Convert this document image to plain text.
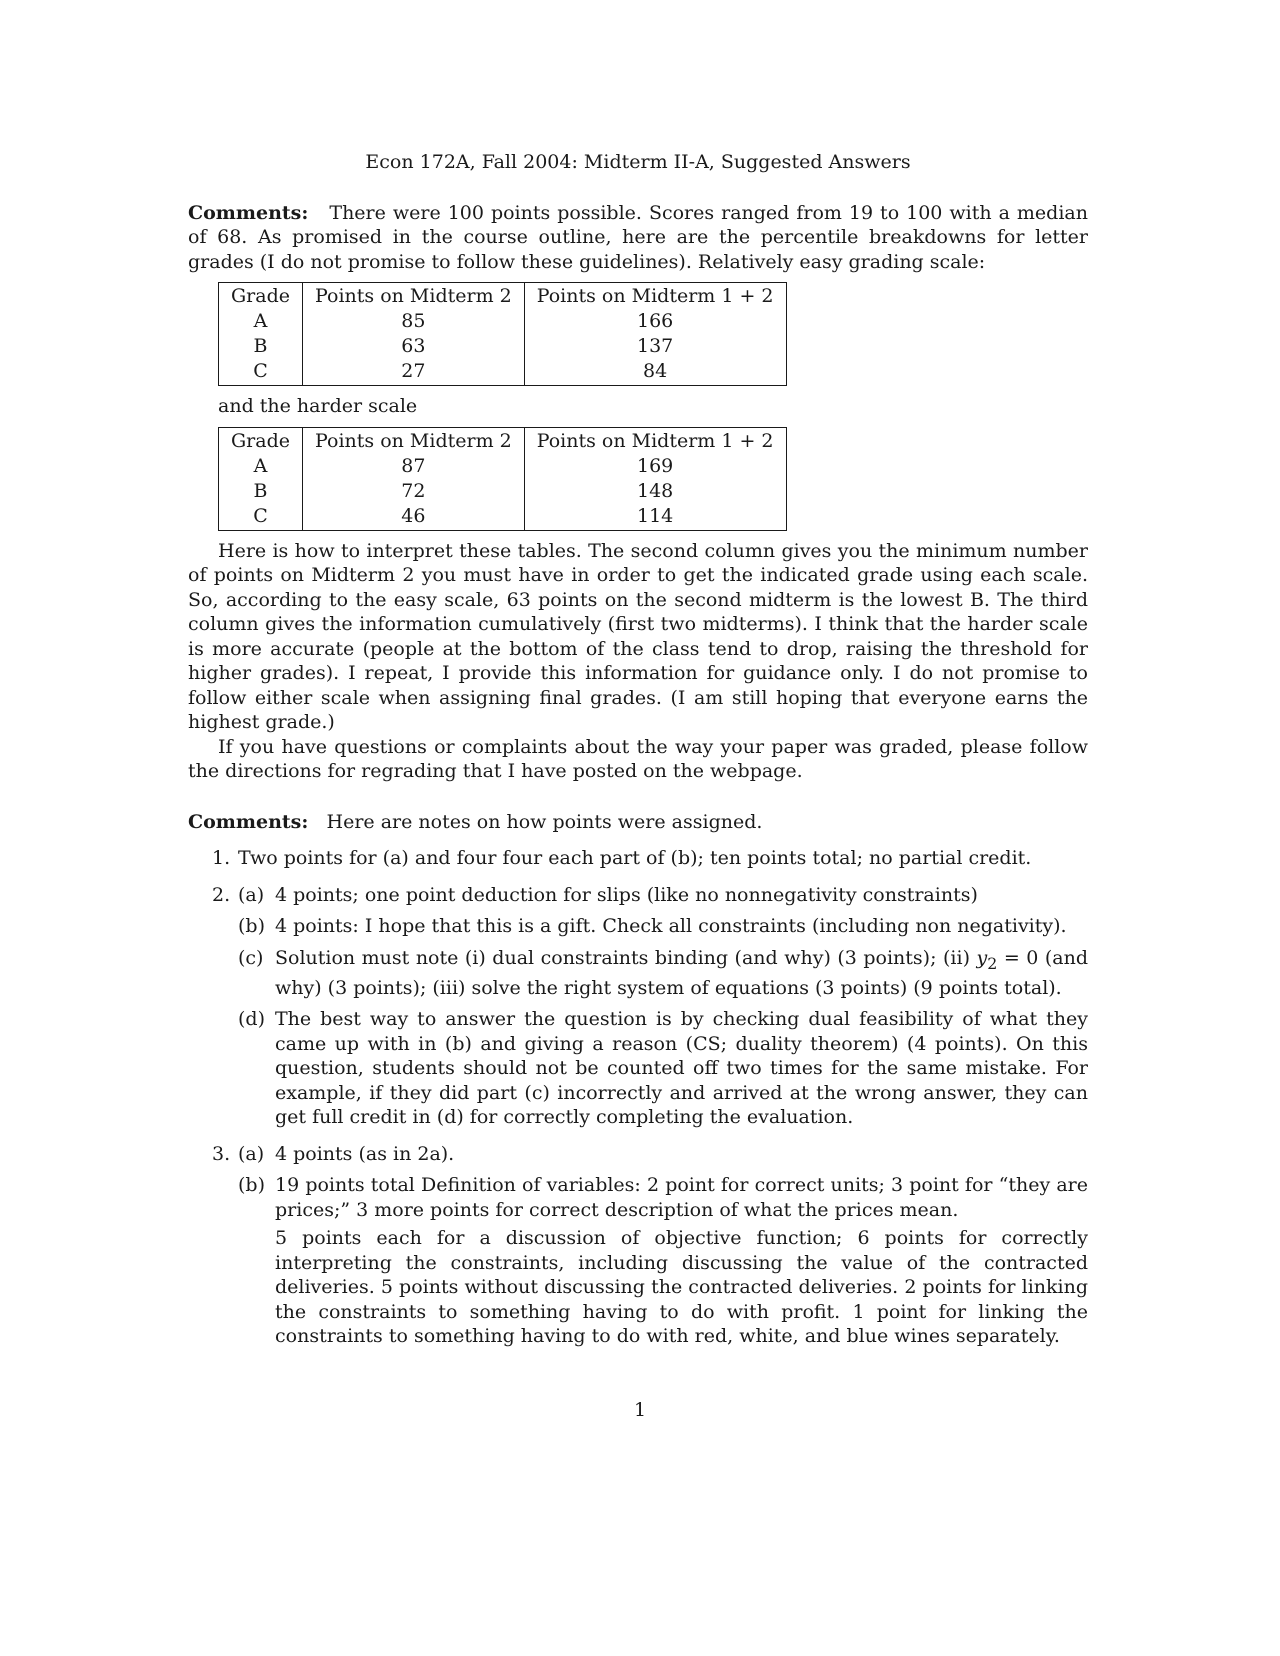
Econ 172A, Fall 2004: Midterm II-A, Suggested Answers

Comments: There were 100 points possible. Scores ranged from 19 to 100 with a median of 68. As promised in the course outline, here are the percentile breakdowns for letter grades (I do not promise to follow these guidelines). Relatively easy grading scale:

Grade	Points on Midterm 2	Points on Midterm 1 + 2
A	85	166
B	63	137
C	27	84
and the harder scale
Grade	Points on Midterm 2	Points on Midterm 1 + 2
A	87	169
B	72	148
C	46	114

Here is how to interpret these tables. The second column gives you the minimum number of points on Midterm 2 you must have in order to get the indicated grade using each scale. So, according to the easy scale, 63 points on the second midterm is the lowest B. The third column gives the information cumulatively (first two midterms). I think that the harder scale is more accurate (people at the bottom of the class tend to drop, raising the threshold for higher grades). I repeat, I provide this information for guidance only. I do not promise to follow either scale when assigning final grades. (I am still hoping that everyone earns the highest grade.)

If you have questions or complaints about the way your paper was graded, please follow the directions for regrading that I have posted on the webpage.

Comments: Here are notes on how points were assigned.

1. Two points for (a) and four four each part of (b); ten points total; no partial credit.

2. (a) 4 points; one point deduction for slips (like no nonnegativity constraints)

(b) 4 points: I hope that this is a gift. Check all constraints (including non negativity).

(c) Solution must note (i) dual constraints binding (and why) (3 points); (ii) $y_2 = 0$ (and why) (3 points); (iii) solve the right system of equations (3 points) (9 points total).

(d) The best way to answer the question is by checking dual feasibility of what they came up with in (b) and giving a reason (CS; duality theorem) (4 points). On this question, students should not be counted off two times for the same mistake. For example, if they did part (c) incorrectly and arrived at the wrong answer, they can get full credit in (d) for correctly completing the evaluation.

3. (a) 4 points (as in 2a).

(b) 19 points total Definition of variables: 2 point for correct units; 3 point for “they are prices;” 3 more points for correct description of what the prices mean.

5 points each for a discussion of objective function; 6 points for correctly interpreting the constraints, including discussing the value of the contracted deliveries. 5 points without discussing the contracted deliveries. 2 points for linking the constraints to something having to do with profit. 1 point for linking the constraints to something having to do with red, white, and blue wines separately.

1
